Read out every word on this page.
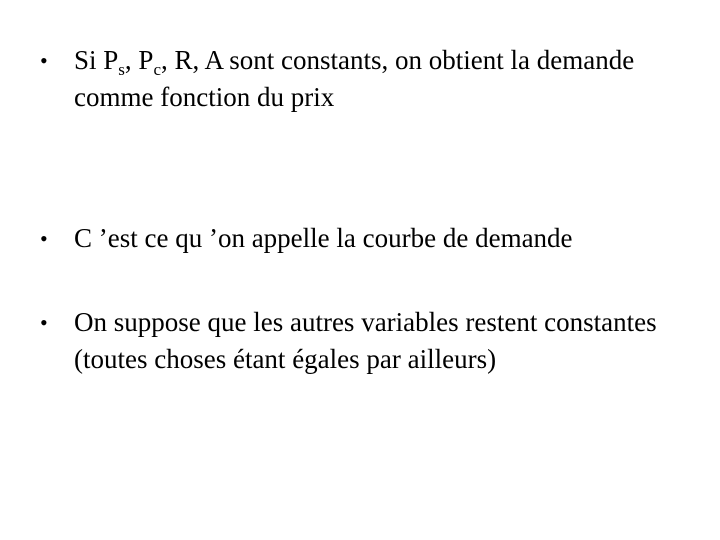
• Si $P_s$, $P_c$, R, A sont constants, on obtient la demande comme fonction du prix
• C ’est ce qu ’on appelle la courbe de demande
• On suppose que les autres variables restent constantes (toutes choses étant égales par ailleurs)
